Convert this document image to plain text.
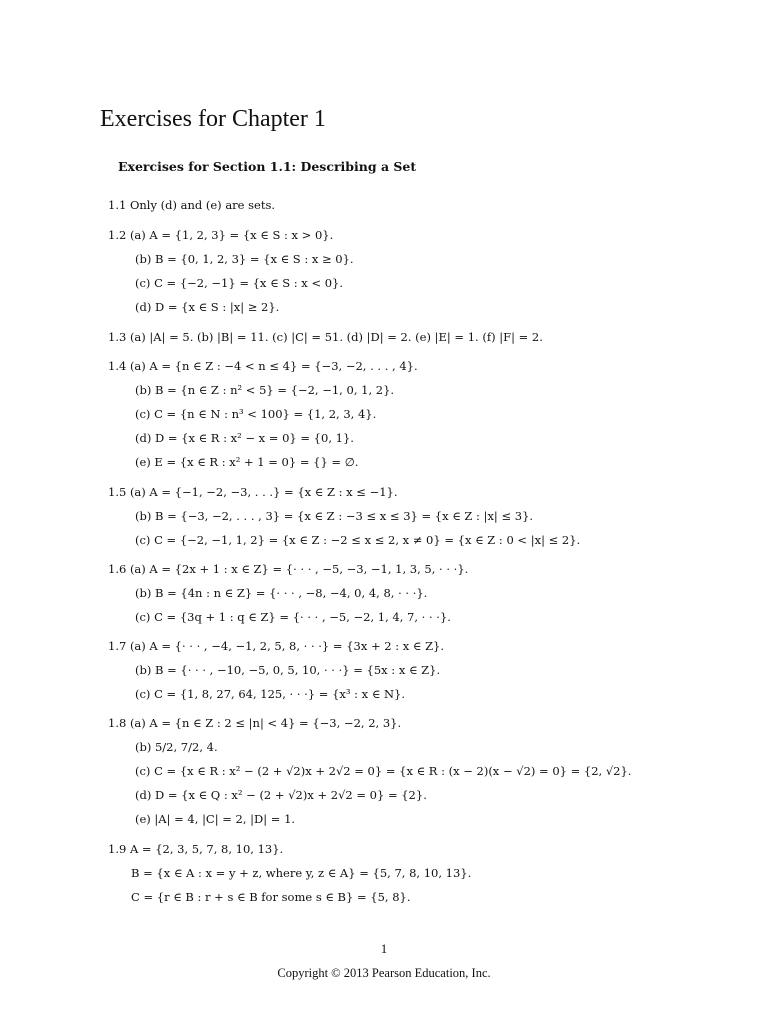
Exercises for Chapter 1
Exercises for Section 1.1: Describing a Set
1.1 Only (d) and (e) are sets.
1.2 (a) A = {1, 2, 3} = {x ∈ S : x > 0}.
(b) B = {0, 1, 2, 3} = {x ∈ S : x ≥ 0}.
(c) C = {−2, −1} = {x ∈ S : x < 0}.
(d) D = {x ∈ S : |x| ≥ 2}.
1.3 (a) |A| = 5. (b) |B| = 11. (c) |C| = 51. (d) |D| = 2. (e) |E| = 1. (f) |F| = 2.
1.4 (a) A = {n ∈ Z : −4 < n ≤ 4} = {−3, −2, . . . , 4}.
(b) B = {n ∈ Z : n² < 5} = {−2, −1, 0, 1, 2}.
(c) C = {n ∈ N : n³ < 100} = {1, 2, 3, 4}.
(d) D = {x ∈ R : x² − x = 0} = {0, 1}.
(e) E = {x ∈ R : x² + 1 = 0} = {} = ∅.
1.5 (a) A = {−1, −2, −3, . . .} = {x ∈ Z : x ≤ −1}.
(b) B = {−3, −2, . . . , 3} = {x ∈ Z : −3 ≤ x ≤ 3} = {x ∈ Z : |x| ≤ 3}.
(c) C = {−2, −1, 1, 2} = {x ∈ Z : −2 ≤ x ≤ 2, x ≠ 0} = {x ∈ Z : 0 < |x| ≤ 2}.
1.6 (a) A = {2x + 1 : x ∈ Z} = {· · · , −5, −3, −1, 1, 3, 5, · · ·}.
(b) B = {4n : n ∈ Z} = {· · · , −8, −4, 0, 4, 8, · · ·}.
(c) C = {3q + 1 : q ∈ Z} = {· · · , −5, −2, 1, 4, 7, · · ·}.
1.7 (a) A = {· · · , −4, −1, 2, 5, 8, · · ·} = {3x + 2 : x ∈ Z}.
(b) B = {· · · , −10, −5, 0, 5, 10, · · ·} = {5x : x ∈ Z}.
(c) C = {1, 8, 27, 64, 125, · · ·} = {x³ : x ∈ N}.
1.8 (a) A = {n ∈ Z : 2 ≤ |n| < 4} = {−3, −2, 2, 3}.
(b) 5/2, 7/2, 4.
(c) C = {x ∈ R : x² − (2 + √2)x + 2√2 = 0} = {x ∈ R : (x − 2)(x − √2) = 0} = {2, √2}.
(d) D = {x ∈ Q : x² − (2 + √2)x + 2√2 = 0} = {2}.
(e) |A| = 4, |C| = 2, |D| = 1.
1.9 A = {2, 3, 5, 7, 8, 10, 13}.
B = {x ∈ A : x = y + z, where y, z ∈ A} = {5, 7, 8, 10, 13}.
C = {r ∈ B : r + s ∈ B for some s ∈ B} = {5, 8}.
1
Copyright © 2013 Pearson Education, Inc.
